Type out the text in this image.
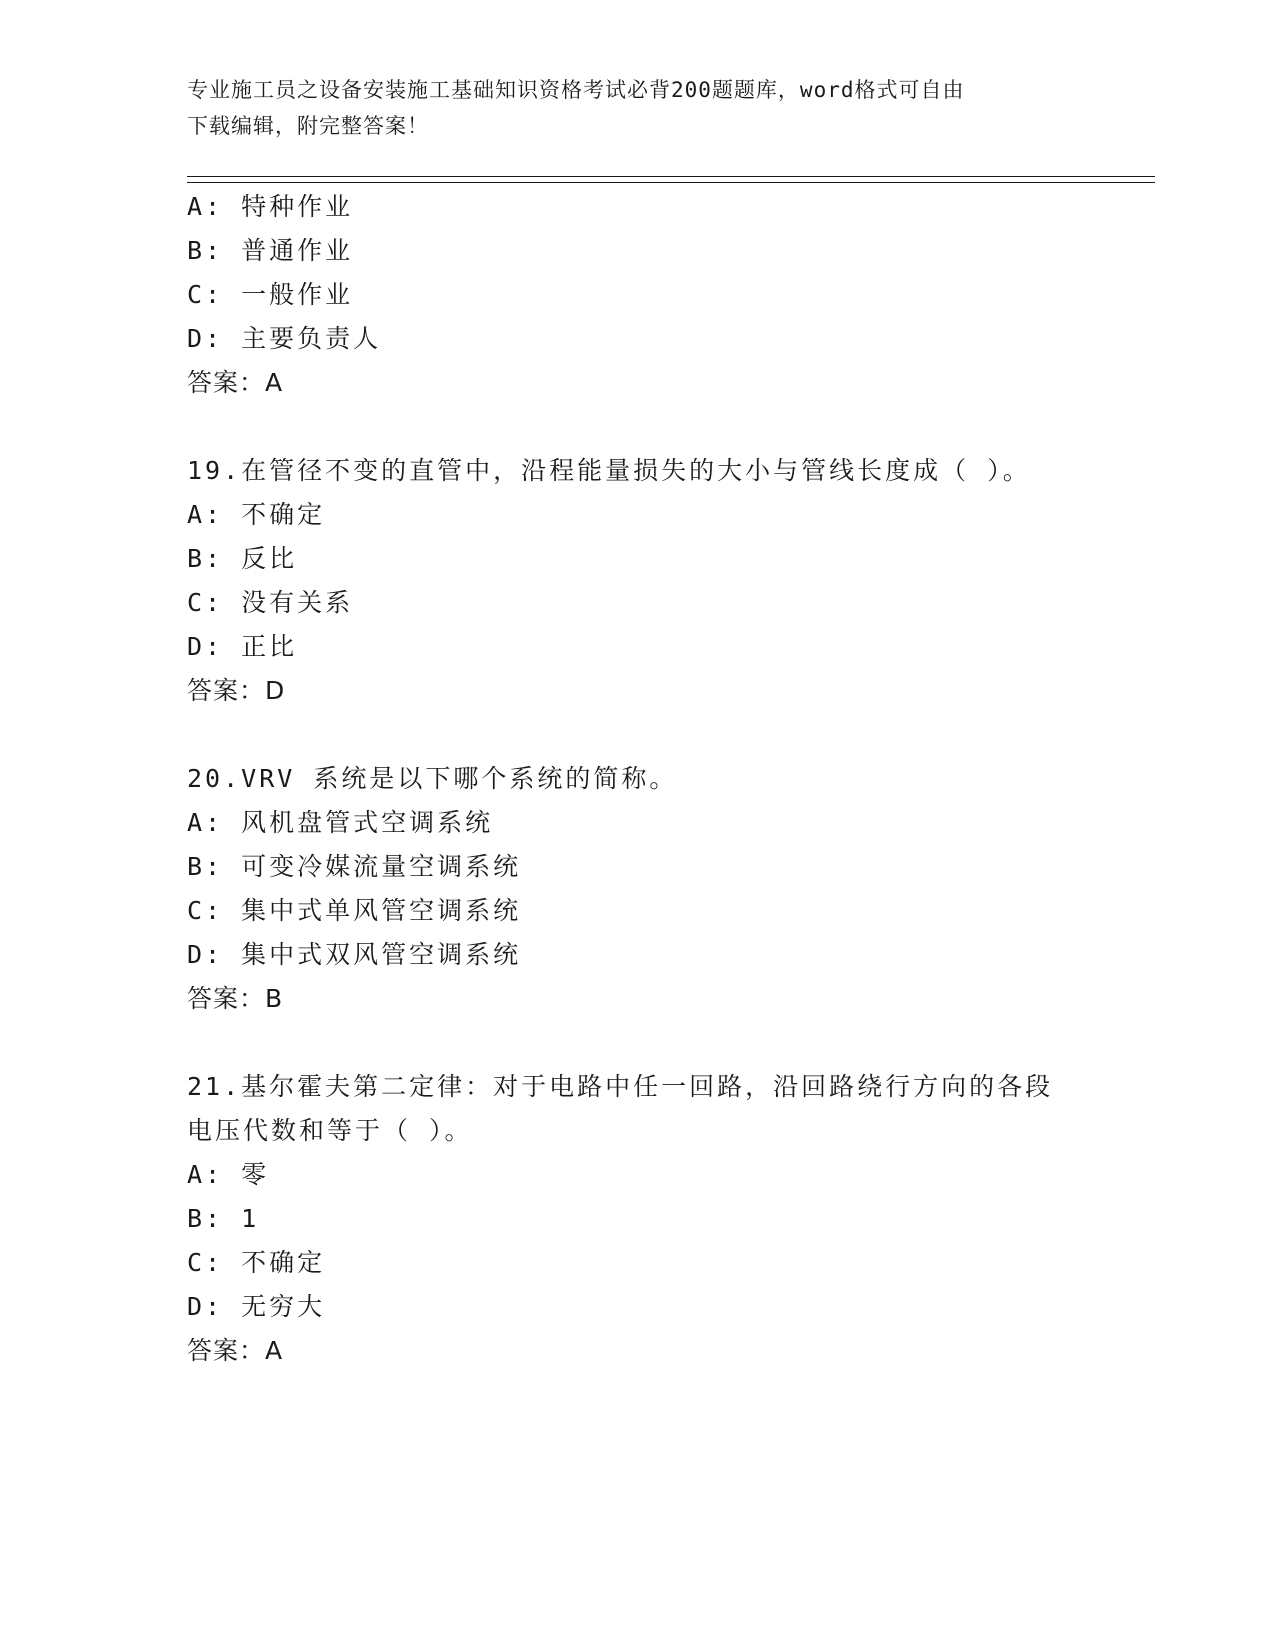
专业施工员之设备安装施工基础知识资格考试必背200题题库，word格式可自由
下载编辑，附完整答案！
A: 特种作业
B: 普通作业
C: 一般作业
D: 主要负责人
答案：A
19.在管径不变的直管中，沿程能量损失的大小与管线长度成（ ）。
A: 不确定
B: 反比
C: 没有关系
D: 正比
答案：D
20.VRV 系统是以下哪个系统的简称。
A: 风机盘管式空调系统
B: 可变冷媒流量空调系统
C: 集中式单风管空调系统
D: 集中式双风管空调系统
答案：B
21.基尔霍夫第二定律：对于电路中任一回路，沿回路绕行方向的各段
电压代数和等于（ ）。
A: 零
B: 1
C: 不确定
D: 无穷大
答案：A
